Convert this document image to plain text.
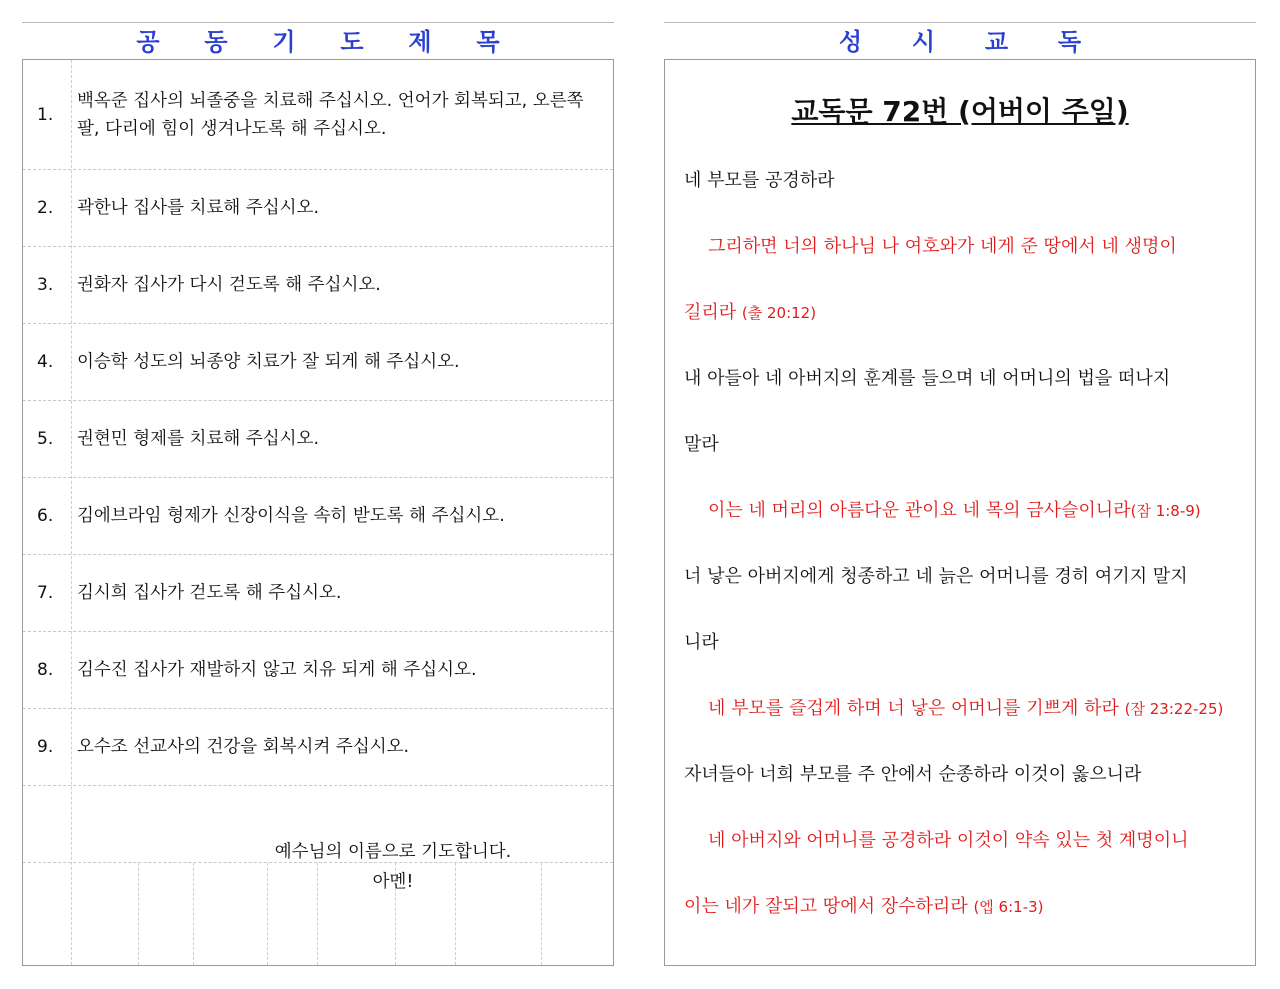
공 동 기 도 제 목	성 시 교 독
1.
백옥준 집사의 뇌졸중을 치료해 주십시오. 언어가 회복되고, 오른쪽 팔, 다리에 힘이 생겨나도록 해 주십시오.
2. 곽한나 집사를 치료해 주십시오.
3. 권화자 집사가 다시 걷도록 해 주십시오.
4. 이승학 성도의 뇌종양 치료가 잘 되게 해 주십시오.
5. 권현민 형제를 치료해 주십시오.
6. 김에브라임 형제가 신장이식을 속히 받도록 해 주십시오.
7. 김시희 집사가 걷도록 해 주십시오.
8. 김수진 집사가 재발하지 않고 치유 되게 해 주십시오.
9. 오수조 선교사의 건강을 회복시켜 주십시오.
예수님의 이름으로 기도합니다.
아멘!
교독문 72번 (어버이 주일)
네 부모를 공경하라
그리하면 너의 하나님 나 여호와가 네게 준 땅에서 네 생명이
길리라 (출 20:12)
내 아들아 네 아버지의 훈계를 들으며 네 어머니의 법을 떠나지
말라
이는 네 머리의 아름다운 관이요 네 목의 금사슬이니라(잠 1:8-9)
너 낳은 아버지에게 청종하고 네 늙은 어머니를 경히 여기지 말지
니라
네 부모를 즐겁게 하며 너 낳은 어머니를 기쁘게 하라 (잠 23:22-25)
자녀들아 너희 부모를 주 안에서 순종하라 이것이 옳으니라
네 아버지와 어머니를 공경하라 이것이 약속 있는 첫 계명이니
이는 네가 잘되고 땅에서 장수하리라 (엡 6:1-3)
